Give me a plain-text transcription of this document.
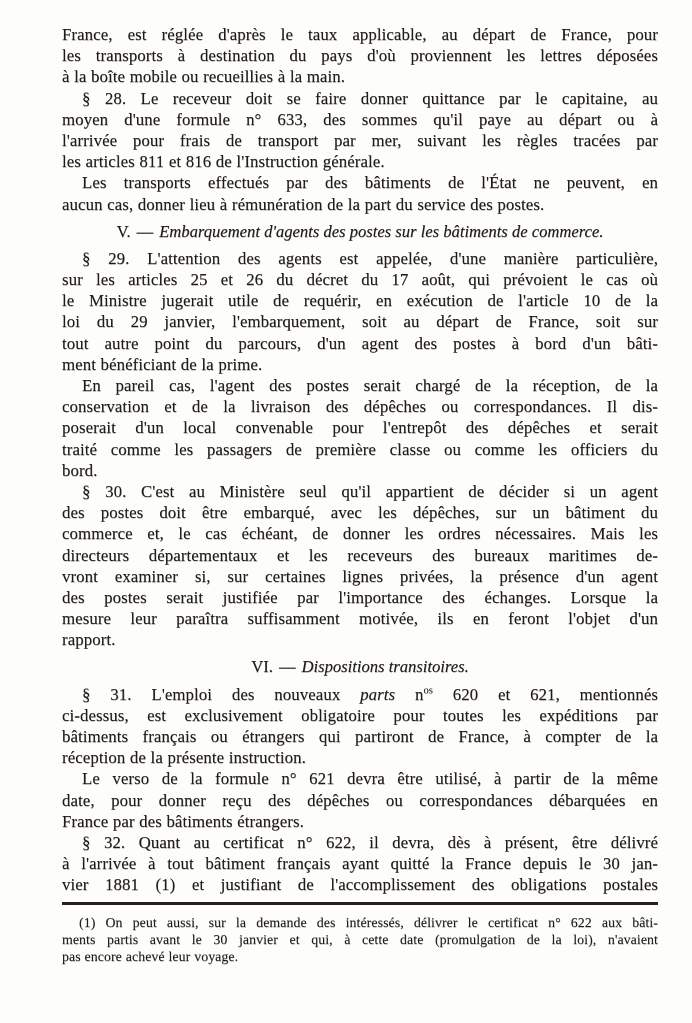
France, est réglée d'après le taux applicable, au départ de France, pour
les transports à destination du pays d'où proviennent les lettres déposées
à la boîte mobile ou recueillies à la main.
§ 28. Le receveur doit se faire donner quittance par le capitaine, au
moyen d'une formule n° 633, des sommes qu'il paye au départ ou à
l'arrivée pour frais de transport par mer, suivant les règles tracées par
les articles 811 et 816 de l'Instruction générale.
Les transports effectués par des bâtiments de l'État ne peuvent, en
aucun cas, donner lieu à rémunération de la part du service des postes.
V. — Embarquement d'agents des postes sur les bâtiments de commerce.
§ 29. L'attention des agents est appelée, d'une manière particulière,
sur les articles 25 et 26 du décret du 17 août, qui prévoient le cas où
le Ministre jugerait utile de requérir, en exécution de l'article 10 de la
loi du 29 janvier, l'embarquement, soit au départ de France, soit sur
tout autre point du parcours, d'un agent des postes à bord d'un bâti-
ment bénéficiant de la prime.
En pareil cas, l'agent des postes serait chargé de la réception, de la
conservation et de la livraison des dépêches ou correspondances. Il dis-
poserait d'un local convenable pour l'entrepôt des dépêches et serait
traité comme les passagers de première classe ou comme les officiers du
bord.
§ 30. C'est au Ministère seul qu'il appartient de décider si un agent
des postes doit être embarqué, avec les dépêches, sur un bâtiment du
commerce et, le cas échéant, de donner les ordres nécessaires. Mais les
directeurs départementaux et les receveurs des bureaux maritimes de-
vront examiner si, sur certaines lignes privées, la présence d'un agent
des postes serait justifiée par l'importance des échanges. Lorsque la
mesure leur paraîtra suffisamment motivée, ils en feront l'objet d'un
rapport.
VI. — Dispositions transitoires.
§ 31. L'emploi des nouveaux parts $n^{os}$ 620 et 621, mentionnés
ci-dessus, est exclusivement obligatoire pour toutes les expéditions par
bâtiments français ou étrangers qui partiront de France, à compter de la
réception de la présente instruction.
Le verso de la formule n° 621 devra être utilisé, à partir de la même
date, pour donner reçu des dépêches ou correspondances débarquées en
France par des bâtiments étrangers.
§ 32. Quant au certificat n° 622, il devra, dès à présent, être délivré
à l'arrivée à tout bâtiment français ayant quitté la France depuis le 30 jan-
vier 1881 (1) et justifiant de l'accomplissement des obligations postales
(1) On peut aussi, sur la demande des intéressés, délivrer le certificat n° 622 aux bâti-
ments partis avant le 30 janvier et qui, à cette date (promulgation de la loi), n'avaient
pas encore achevé leur voyage.
